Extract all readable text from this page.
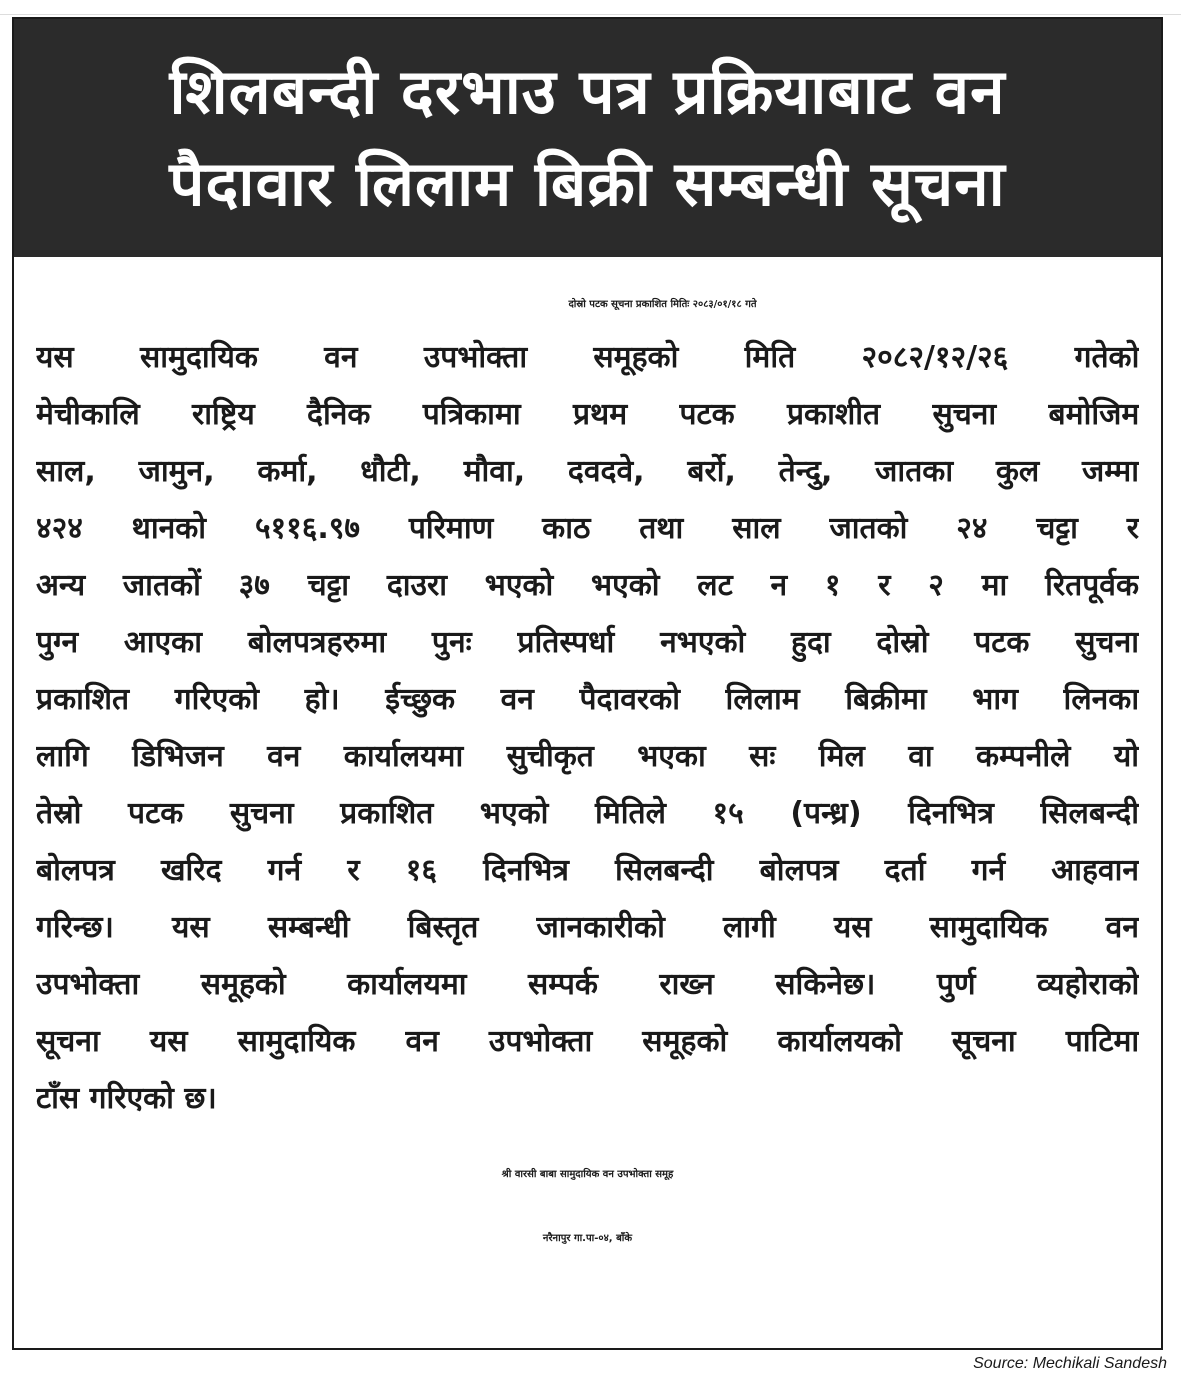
शिलबन्दी दरभाउ पत्र प्रक्रियाबाट वन
पैदावार लिलाम बिक्री सम्बन्धी सूचना
दोस्रो पटक सूचना प्रकाशित मितिः २०८३/०१/१८ गते
यस सामुदायिक वन उपभोक्ता समूहको मिति २०८२/१२/२६ गतेको
मेचीकालि राष्ट्रिय दैनिक पत्रिकामा प्रथम पटक प्रकाशीत सुचना बमोजिम
साल, जामुन, कर्मा, धौटी, मौवा, दवदवे, बर्रो, तेन्दु, जातका कुल जम्मा
४२४ थानको ५११६.९७ परिमाण काठ तथा साल जातको २४ चट्टा र
अन्य जातकों ३७ चट्टा दाउरा भएको भएको लट न १ र २ मा रितपूर्वक
पुग्न आएका बोलपत्रहरुमा पुनः प्रतिस्पर्धा नभएको हुदा दोस्रो पटक सुचना
प्रकाशित गरिएको हो। ईच्छुक वन पैदावरको लिलाम बिक्रीमा भाग लिनका
लागि डिभिजन वन कार्यालयमा सुचीकृत भएका सः मिल वा कम्पनीले यो
तेस्रो पटक सुचना प्रकाशित भएको मितिले १५ (पन्ध्र) दिनभित्र सिलबन्दी
बोलपत्र खरिद गर्न र १६ दिनभित्र सिलबन्दी बोलपत्र दर्ता गर्न आहवान
गरिन्छ। यस सम्बन्धी बिस्तृत जानकारीको लागी यस सामुदायिक वन
उपभोक्ता समूहको कार्यालयमा सम्पर्क राख्न सकिनेछ। पुर्ण व्यहोराको
सूचना यस सामुदायिक वन उपभोक्ता समूहको कार्यालयको सूचना पाटिमा
टाँस गरिएको छ।
श्री वारसी बाबा सामुदायिक वन उपभोक्ता समूह
नरैनापुर गा.पा-०४, बाँके
Source: Mechikali Sandesh
